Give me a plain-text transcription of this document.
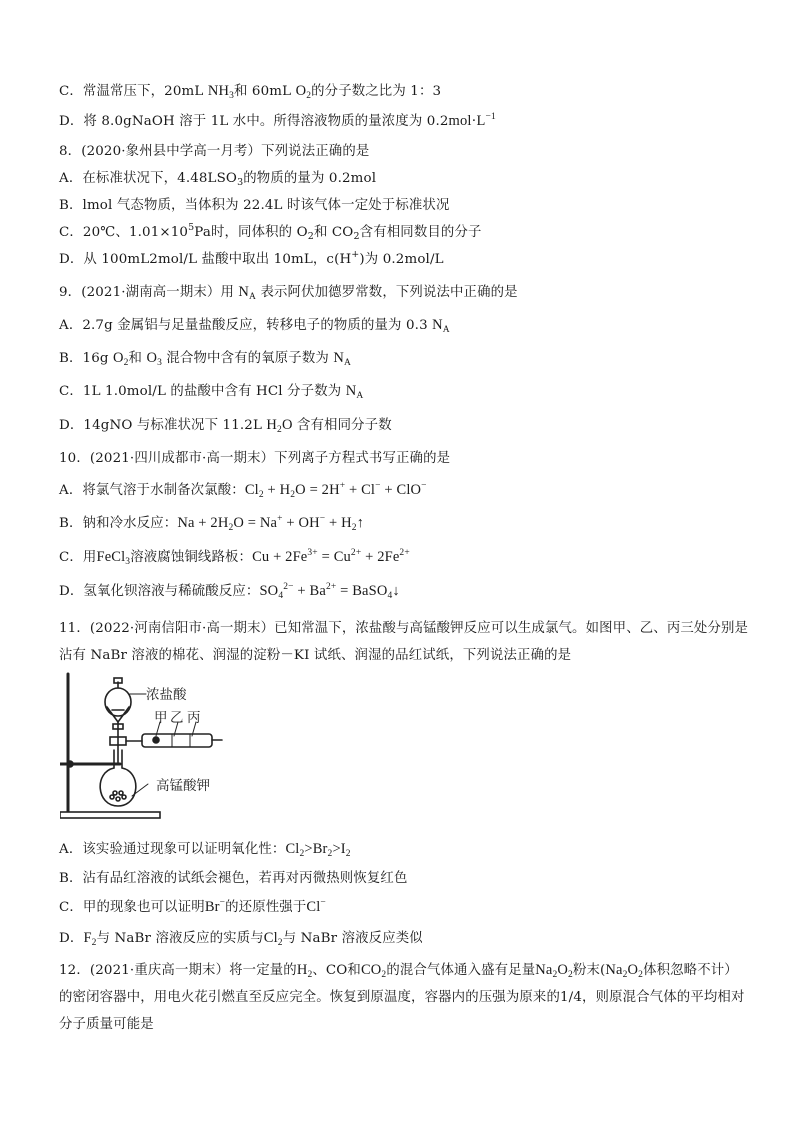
C．常温常压下，20mL $NH_3$和 60mL $O_2$的分子数之比为 1：3
D．将 8.0gNaOH 溶于 1L 水中。所得溶液物质的量浓度为 $0.2mol\cdot L^{-1}$
8．(2020·象州县中学高一月考）下列说法正确的是
A．在标准状况下，$4.48LSO_3$的物质的量为 0.2mol
B．lmol 气态物质，当体积为 22.4L 时该气体一定处于标准状况
C．20℃、$1.01\times 10^5Pa$时，同体积的 $O_2$和 $CO_2$含有相同数目的分子
D．从 100mL2mol/L 盐酸中取出 10mL，c(H+)为 0.2mol/L
9．(2021·湖南高一期末）用 $N_A$ 表示阿伏加德罗常数，下列说法中正确的是
A．2.7g 金属铝与足量盐酸反应，转移电子的物质的量为 0.3 $N_A$
B．16g $O_2$和 $O_3$ 混合物中含有的氧原子数为 $N_A$
C．1L 1.0mol/L 的盐酸中含有 HCl 分子数为 $N_A$
D．14gNO 与标准状况下 11.2L $H_2O$ 含有相同分子数
10．(2021·四川成都市·高一期末）下列离子方程式书写正确的是
A．将氯气溶于水制备次氯酸：$Cl_2 + H_2O = 2H^+ + Cl^- + ClO^-$
B．钠和冷水反应：$Na + 2H_2O = Na^+ + OH^-$ + $H_2↑$
C．用FeCl$_3$溶液腐蚀铜线路板：$Cu + 2Fe^{3+} = Cu^{2+} + 2Fe^{2+}$
D．氢氧化钡溶液与稀硫酸反应：$SO_4^{2-} + Ba^{2+}$ = BaSO$_4$↓
11．(2022·河南信阳市·高一期末）已知常温下，浓盐酸与高锰酸钾反应可以生成氯气。如图甲、乙、丙三处分别是沾有 NaBr 溶液的棉花、润湿的淀粉－KI 试纸、润湿的品红试纸，下列说法正确的是
浓盐酸
甲 乙 丙
高锰酸钾
A．该实验通过现象可以证明氧化性：$Cl_2>Br_2>I_2$
B．沾有品红溶液的试纸会褪色，若再对丙微热则恢复红色
C．甲的现象也可以证明Br−的还原性强于Cl−
D．$F_2$与 NaBr 溶液反应的实质与$Cl_2$与 NaBr 溶液反应类似
12．(2021·重庆高一期末）将一定量的$H_2$、CO和$CO_2$的混合气体通入盛有足量$Na_2O_2$粉末($Na_2O_2$体积忽略不计）的密闭容器中，用电火花引燃直至反应完全。恢复到原温度，容器内的压强为原来的1/4，则原混合气体的平均相对分子质量可能是
